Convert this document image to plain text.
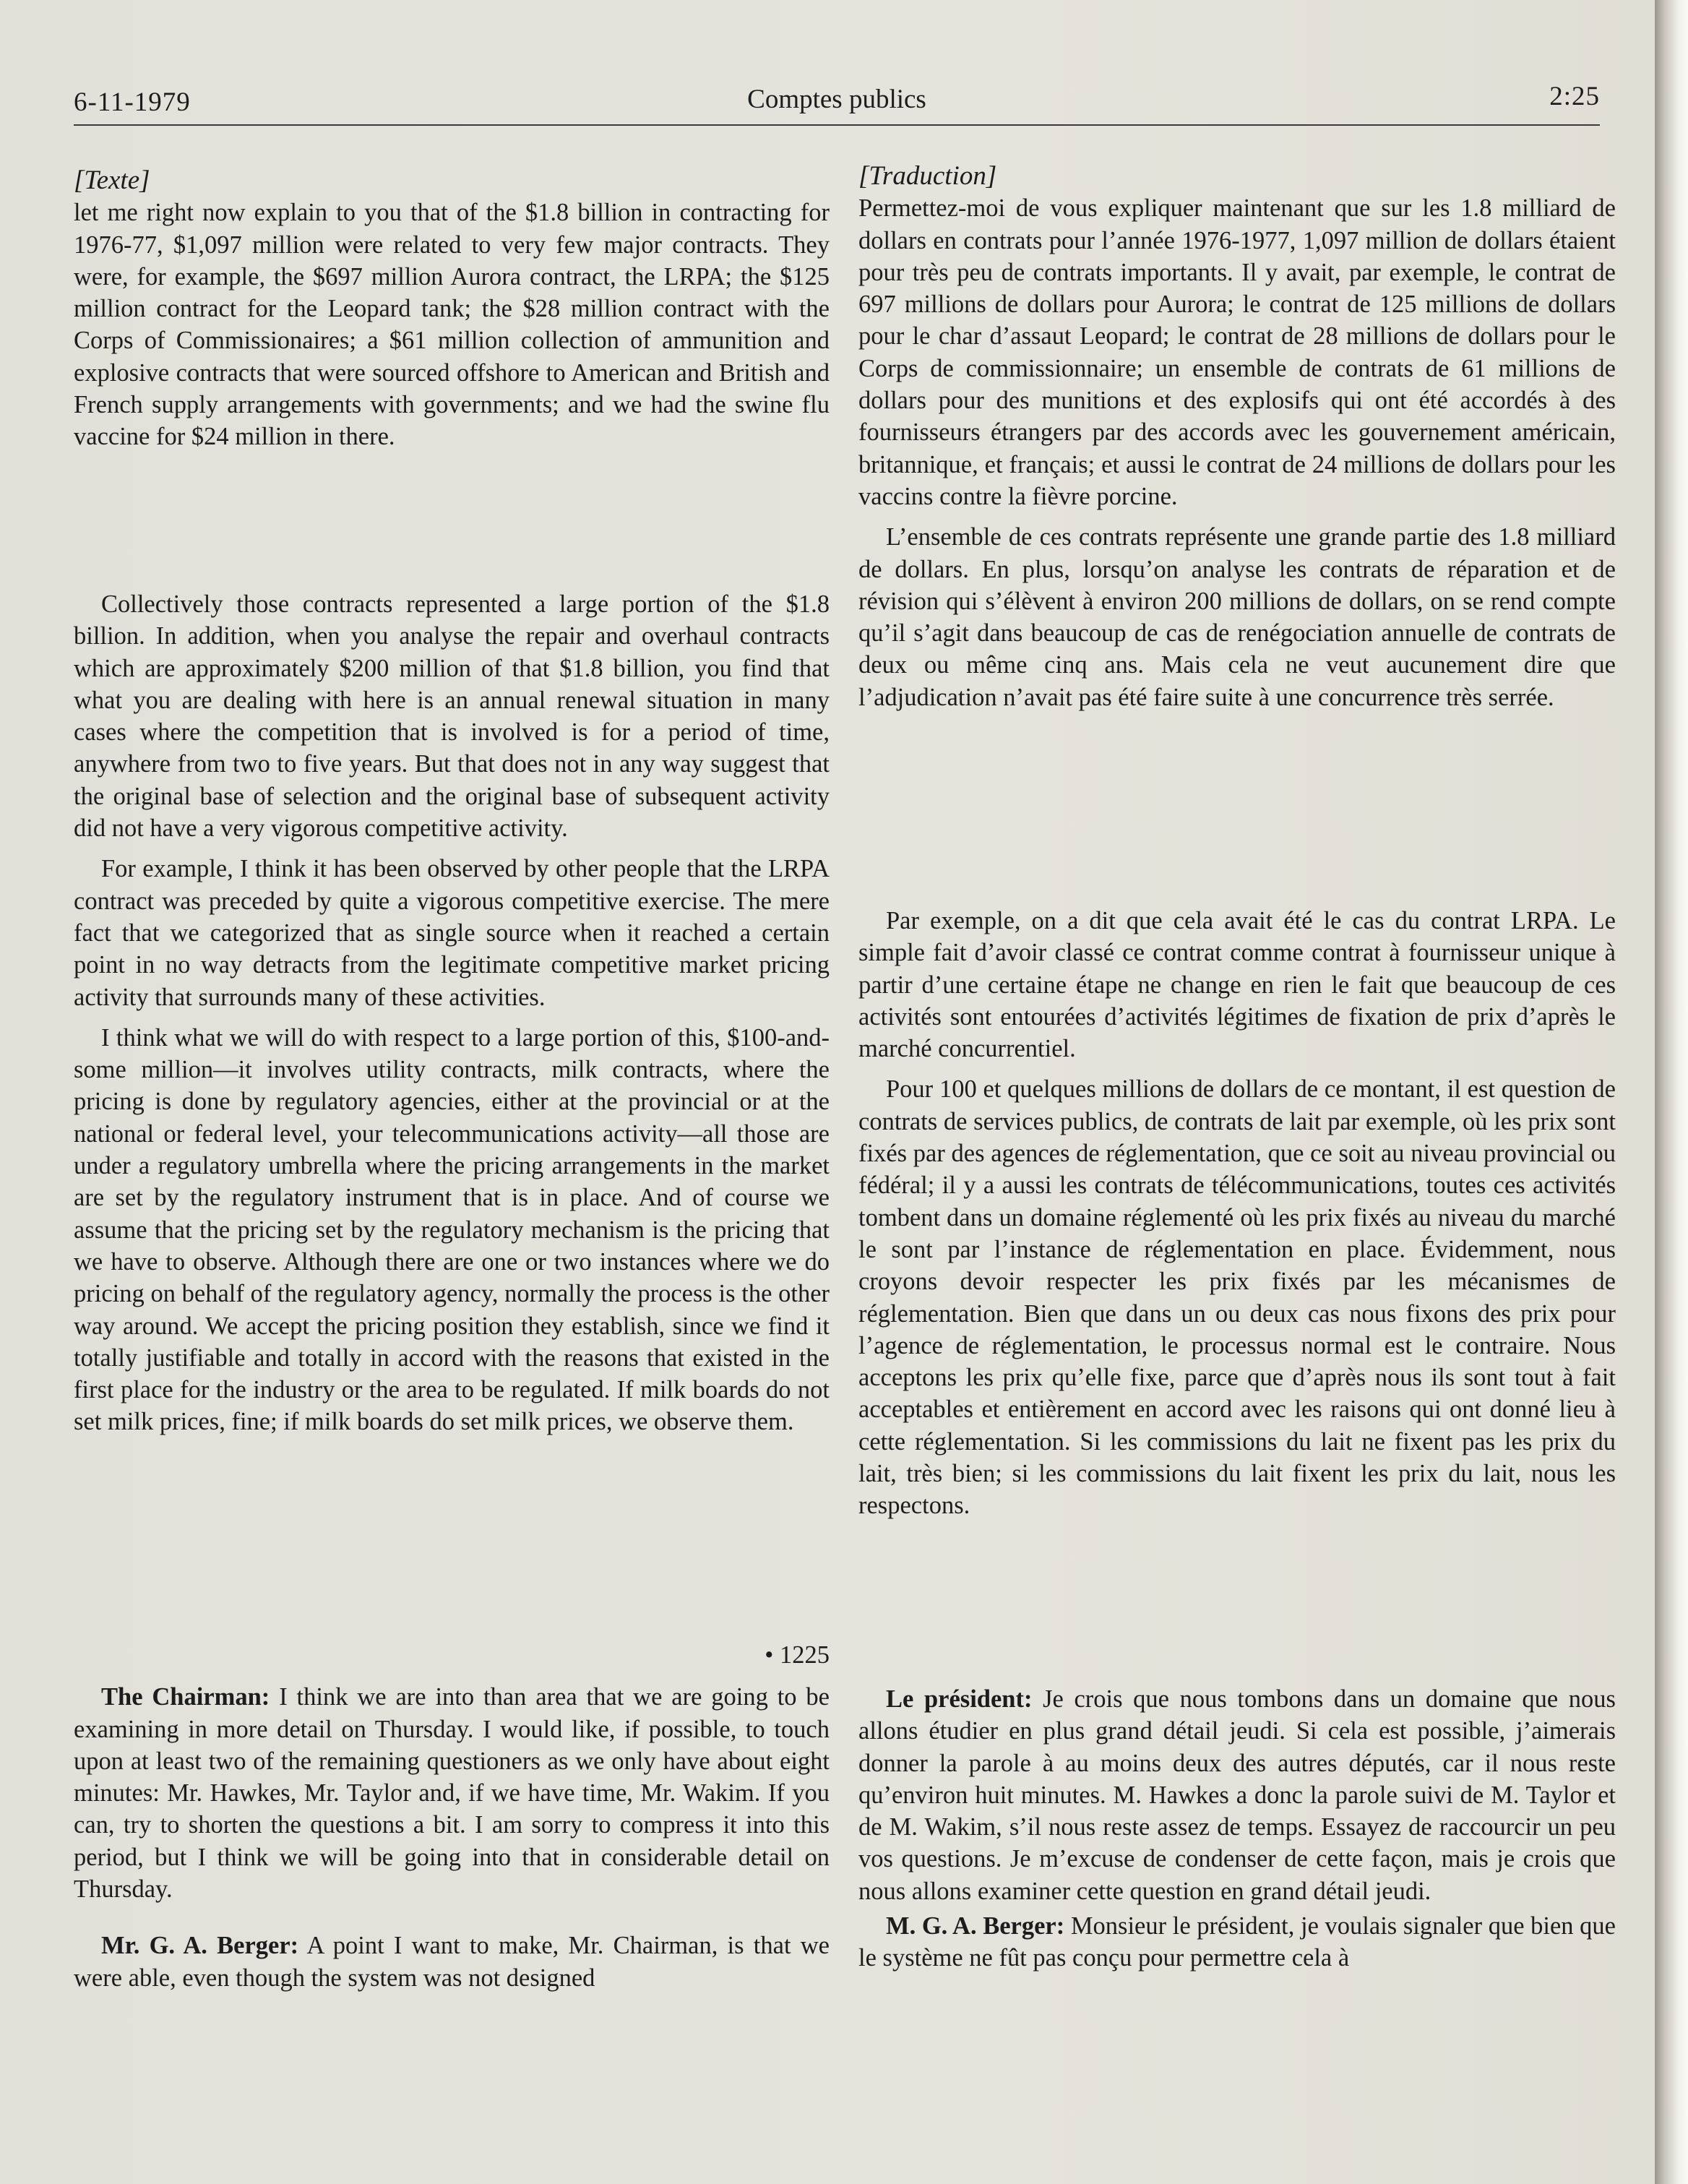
6-11-1979	Comptes publics	2:25
[Texte]

let me right now explain to you that of the $1.8 billion in contracting for 1976-77, $1,097 million were related to very few major contracts. They were, for example, the $697 million Aurora contract, the LRPA; the $125 million contract for the Leopard tank; the $28 million contract with the Corps of Commissionaires; a $61 million collection of ammunition and explosive contracts that were sourced offshore to American and British and French supply arrangements with governments; and we had the swine flu vaccine for $24 million in there.

Collectively those contracts represented a large portion of the $1.8 billion. In addition, when you analyse the repair and overhaul contracts which are approximately $200 million of that $1.8 billion, you find that what you are dealing with here is an annual renewal situation in many cases where the competition that is involved is for a period of time, anywhere from two to five years. But that does not in any way suggest that the original base of selection and the original base of subsequent activity did not have a very vigorous competitive activity.

For example, I think it has been observed by other people that the LRPA contract was preceded by quite a vigorous competitive exercise. The mere fact that we categorized that as single source when it reached a certain point in no way detracts from the legitimate competitive market pricing activity that surrounds many of these activities.

I think what we will do with respect to a large portion of this, $100-and-some million—it involves utility contracts, milk contracts, where the pricing is done by regulatory agencies, either at the provincial or at the national or federal level, your telecommunications activity—all those are under a regulatory umbrella where the pricing arrangements in the market are set by the regulatory instrument that is in place. And of course we assume that the pricing set by the regulatory mechanism is the pricing that we have to observe. Although there are one or two instances where we do pricing on behalf of the regulatory agency, normally the process is the other way around. We accept the pricing position they establish, since we find it totally justifiable and totally in accord with the reasons that existed in the first place for the industry or the area to be regulated. If milk boards do not set milk prices, fine; if milk boards do set milk prices, we observe them.

• 1225

The Chairman: I think we are into than area that we are going to be examining in more detail on Thursday. I would like, if possible, to touch upon at least two of the remaining questioners as we only have about eight minutes: Mr. Hawkes, Mr. Taylor and, if we have time, Mr. Wakim. If you can, try to shorten the questions a bit. I am sorry to compress it into this period, but I think we will be going into that in considerable detail on Thursday.

Mr. G. A. Berger: A point I want to make, Mr. Chairman, is that we were able, even though the system was not designed

[Traduction]

Permettez-moi de vous expliquer maintenant que sur les 1.8 milliard de dollars en contrats pour l’année 1976-1977, 1,097 million de dollars étaient pour très peu de contrats importants. Il y avait, par exemple, le contrat de 697 millions de dollars pour Aurora; le contrat de 125 millions de dollars pour le char d’assaut Leopard; le contrat de 28 millions de dollars pour le Corps de commissionnaire; un ensemble de contrats de 61 millions de dollars pour des munitions et des explosifs qui ont été accordés à des fournisseurs étrangers par des accords avec les gouvernement américain, britannique, et français; et aussi le contrat de 24 millions de dollars pour les vaccins contre la fièvre porcine.

L’ensemble de ces contrats représente une grande partie des 1.8 milliard de dollars. En plus, lorsqu’on analyse les contrats de réparation et de révision qui s’élèvent à environ 200 millions de dollars, on se rend compte qu’il s’agit dans beaucoup de cas de renégociation annuelle de contrats de deux ou même cinq ans. Mais cela ne veut aucunement dire que l’adjudication n’avait pas été faire suite à une concurrence très serrée.

Par exemple, on a dit que cela avait été le cas du contrat LRPA. Le simple fait d’avoir classé ce contrat comme contrat à fournisseur unique à partir d’une certaine étape ne change en rien le fait que beaucoup de ces activités sont entourées d’activités légitimes de fixation de prix d’après le marché concurrentiel.

Pour 100 et quelques millions de dollars de ce montant, il est question de contrats de services publics, de contrats de lait par exemple, où les prix sont fixés par des agences de réglementation, que ce soit au niveau provincial ou fédéral; il y a aussi les contrats de télécommunications, toutes ces activités tombent dans un domaine réglementé où les prix fixés au niveau du marché le sont par l’instance de réglementation en place. Évidemment, nous croyons devoir respecter les prix fixés par les mécanismes de réglementation. Bien que dans un ou deux cas nous fixons des prix pour l’agence de réglementation, le processus normal est le contraire. Nous acceptons les prix qu’elle fixe, parce que d’après nous ils sont tout à fait acceptables et entièrement en accord avec les raisons qui ont donné lieu à cette réglementation. Si les commissions du lait ne fixent pas les prix du lait, très bien; si les commissions du lait fixent les prix du lait, nous les respectons.

Le président: Je crois que nous tombons dans un domaine que nous allons étudier en plus grand détail jeudi. Si cela est possible, j’aimerais donner la parole à au moins deux des autres députés, car il nous reste qu’environ huit minutes. M. Hawkes a donc la parole suivi de M. Taylor et de M. Wakim, s’il nous reste assez de temps. Essayez de raccourcir un peu vos questions. Je m’excuse de condenser de cette façon, mais je crois que nous allons examiner cette question en grand détail jeudi.

M. G. A. Berger: Monsieur le président, je voulais signaler que bien que le système ne fût pas conçu pour permettre cela à
